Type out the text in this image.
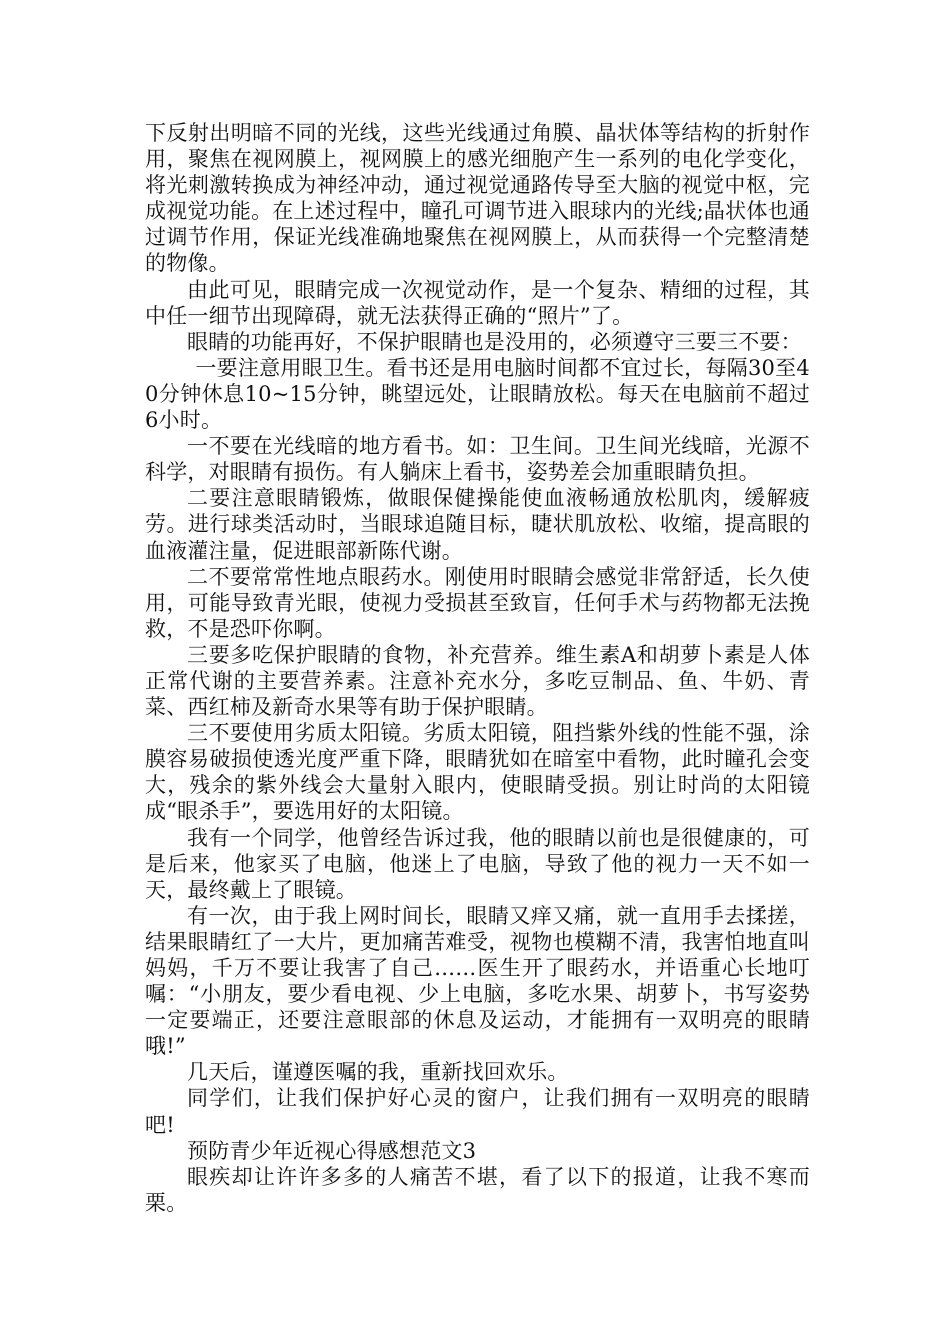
下反射出明暗不同的光线，这些光线通过角膜、晶状体等结构的折射作用，聚焦在视网膜上，视网膜上的感光细胞产生一系列的电化学变化，将光刺激转换成为神经冲动，通过视觉通路传导至大脑的视觉中枢，完成视觉功能。在上述过程中，瞳孔可调节进入眼球内的光线;晶状体也通过调节作用，保证光线准确地聚焦在视网膜上，从而获得一个完整清楚的物像。

由此可见，眼睛完成一次视觉动作，是一个复杂、精细的过程，其中任一细节出现障碍，就无法获得正确的“照片”了。

眼睛的功能再好，不保护眼睛也是没用的，必须遵守三要三不要：

一要注意用眼卫生。看书还是用电脑时间都不宜过长，每隔30至40分钟休息10~15分钟，眺望远处，让眼睛放松。每天在电脑前不超过6小时。

一不要在光线暗的地方看书。如：卫生间。卫生间光线暗，光源不科学，对眼睛有损伤。有人躺床上看书，姿势差会加重眼睛负担。

二要注意眼睛锻炼，做眼保健操能使血液畅通放松肌肉，缓解疲劳。进行球类活动时，当眼球追随目标，睫状肌放松、收缩，提高眼的血液灌注量，促进眼部新陈代谢。

二不要常常性地点眼药水。刚使用时眼睛会感觉非常舒适，长久使用，可能导致青光眼，使视力受损甚至致盲，任何手术与药物都无法挽救，不是恐吓你啊。

三要多吃保护眼睛的食物，补充营养。维生素A和胡萝卜素是人体正常代谢的主要营养素。注意补充水分，多吃豆制品、鱼、牛奶、青菜、西红柿及新奇水果等有助于保护眼睛。

三不要使用劣质太阳镜。劣质太阳镜，阻挡紫外线的性能不强，涂膜容易破损使透光度严重下降，眼睛犹如在暗室中看物，此时瞳孔会变大，残余的紫外线会大量射入眼内，使眼睛受损。别让时尚的太阳镜成“眼杀手”，要选用好的太阳镜。

我有一个同学，他曾经告诉过我，他的眼睛以前也是很健康的，可是后来，他家买了电脑，他迷上了电脑，导致了他的视力一天不如一天，最终戴上了眼镜。

有一次，由于我上网时间长，眼睛又痒又痛，就一直用手去揉搓，结果眼睛红了一大片，更加痛苦难受，视物也模糊不清，我害怕地直叫妈妈，千万不要让我害了自己……医生开了眼药水，并语重心长地叮嘱：“小朋友，要少看电视、少上电脑，多吃水果、胡萝卜，书写姿势一定要端正，还要注意眼部的休息及运动，才能拥有一双明亮的眼睛哦!”

几天后，谨遵医嘱的我，重新找回欢乐。

同学们，让我们保护好心灵的窗户，让我们拥有一双明亮的眼睛吧!

预防青少年近视心得感想范文3

眼疾却让许许多多的人痛苦不堪，看了以下的报道，让我不寒而栗。
